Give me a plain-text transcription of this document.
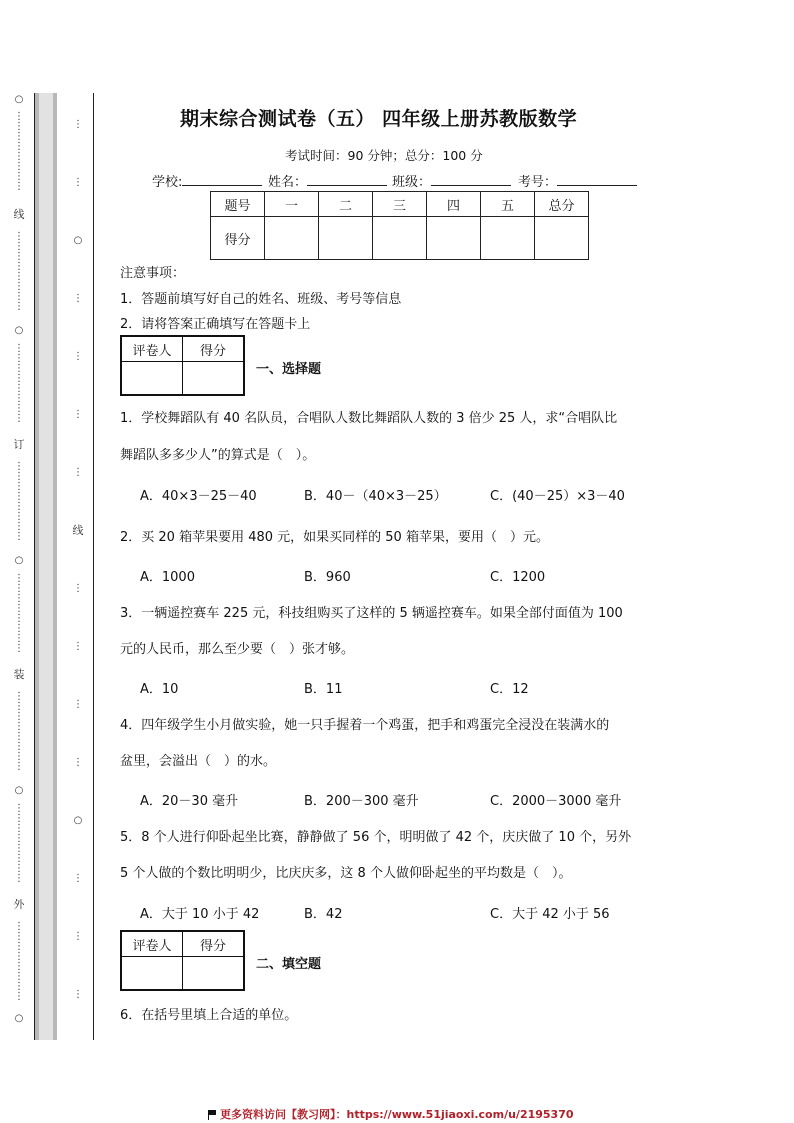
○
⋮
⋮
⋮
⋮
⋮
⋮
⋮
⋮
线
⋮
⋮
⋮
⋮
⋮
⋮
⋮
⋮
○
⋮
⋮
⋮
⋮
⋮
⋮
⋮
⋮
订
⋮
⋮
⋮
⋮
⋮
⋮
⋮
⋮
○
⋮
⋮
⋮
⋮
⋮
⋮
⋮
⋮
装
⋮
⋮
⋮
⋮
⋮
⋮
⋮
⋮
○
⋮
⋮
⋮
⋮
⋮
⋮
⋮
⋮
外
⋮
⋮
⋮
⋮
⋮
⋮
⋮
⋮
○
⋮
⋮
○
⋮
⋮
⋮
⋮
线
⋮
⋮
⋮
⋮
○
⋮
⋮
⋮
期末综合测试卷（五） 四年级上册苏教版数学
考试时间：90 分钟；总分：100 分
学校:	姓名：	班级：	考号：
题号	一	二	三	四	五	总分
得分						
注意事项：
1．答题前填写好自己的姓名、班级、考号等信息
2．请将答案正确填写在答题卡上
评卷人	得分

一、选择题
1．学校舞蹈队有 40 名队员，合唱队人数比舞蹈队人数的 3 倍少 25 人，求“合唱队比
舞蹈队多多少人”的算式是（　）。
A．40×3－25－40	B．40－（40×3－25）	C．(40－25）×3－40
2．买 20 箱苹果要用 480 元，如果买同样的 50 箱苹果，要用（　）元。
A．1000	B．960	C．1200
3．一辆遥控赛车 225 元，科技组购买了这样的 5 辆遥控赛车。如果全部付面值为 100
元的人民币，那么至少要（　）张才够。
A．10	B．11	C．12
4．四年级学生小月做实验，她一只手握着一个鸡蛋，把手和鸡蛋完全浸没在装满水的
盆里，会溢出（　）的水。
A．20－30 毫升	B．200－300 毫升	C．2000－3000 毫升
5．8 个人进行仰卧起坐比赛，静静做了 56 个，明明做了 42 个，庆庆做了 10 个，另外
5 个人做的个数比明明少，比庆庆多，这 8 个人做仰卧起坐的平均数是（　）。
A．大于 10 小于 42	B．42	C．大于 42 小于 56
评卷人	得分

二、填空题
6．在括号里填上合适的单位。
更多资料访问【教习网】：https://www.51jiaoxi.com/u/2195370
